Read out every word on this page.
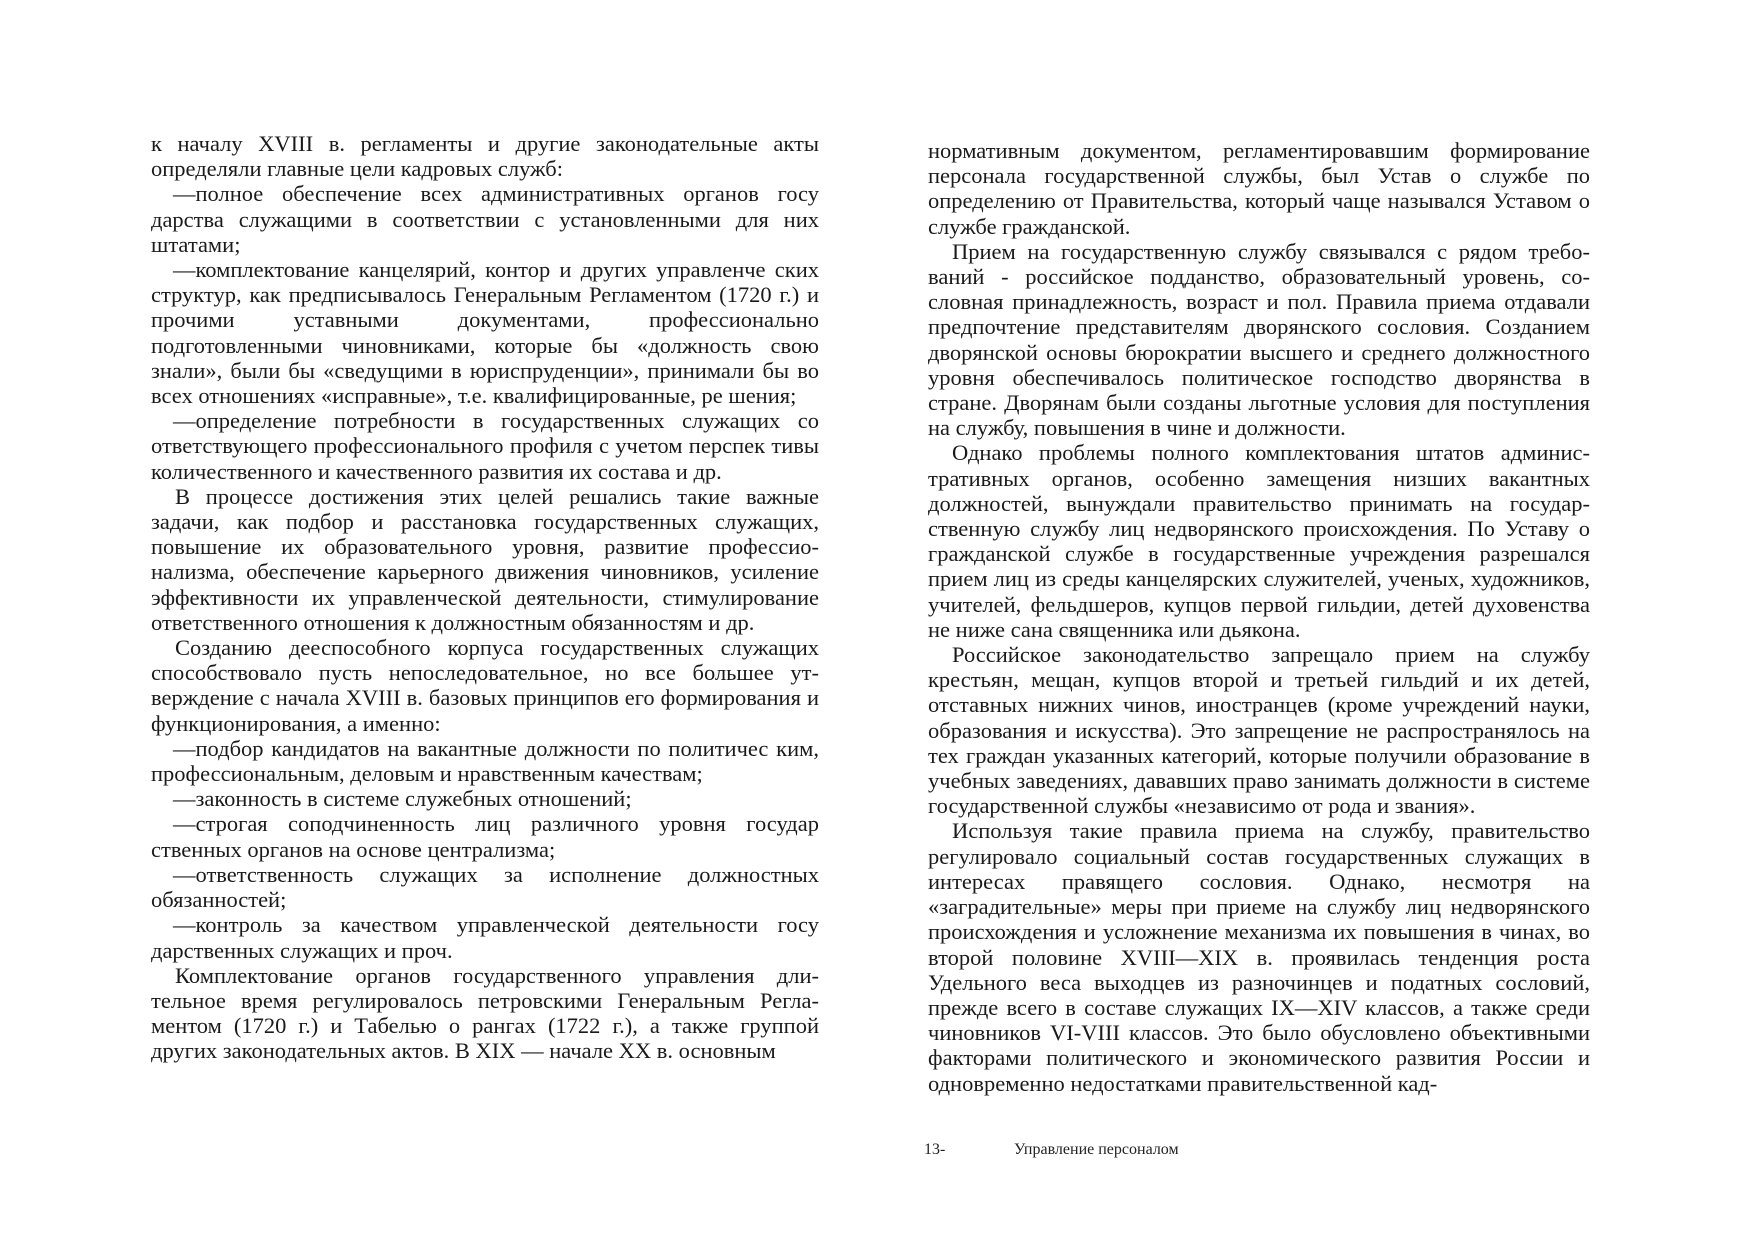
к началу XVIII в. регламенты и другие законодательные акты определяли главные цели кадровых служб:

—полное обеспечение всех административных органов госу дарства служащими в соответствии с установленными для них штатами;

—комплектование канцелярий, контор и других управленче ских структур, как предписывалось Генеральным Регламентом (1720 г.) и прочими уставными документами, профессионально подготовленными чиновниками, которые бы «должность свою знали», были бы «сведущими в юриспруденции», принимали бы во всех отношениях «исправные», т.е. квалифицированные, ре шения;

—определение потребности в государственных служащих со ответствующего профессионального профиля с учетом перспек тивы количественного и качественного развития их состава и др.

В процессе достижения этих целей решались такие важные задачи, как подбор и расстановка государственных служащих, повышение их образовательного уровня, развитие профессионализма, обеспечение карьерного движения чиновников, усиление эффективности их управленческой деятельности, стимулирование ответственного отношения к должностным обязанностям и др.

Созданию дееспособного корпуса государственных служащих способствовало пусть непоследовательное, но все большее утверждение с начала XVIII в. базовых принципов его формирования и функционирования, а именно:

—подбор кандидатов на вакантные должности по политичес ким, профессиональным, деловым и нравственным качествам;

—законность в системе служебных отношений;

—строгая соподчиненность лиц различного уровня государ ственных органов на основе централизма;

—ответственность служащих за исполнение должностных обязанностей;

—контроль за качеством управленческой деятельности госу дарственных служащих и проч.

Комплектование органов государственного управления длительное время регулировалось петровскими Генеральным Регламентом (1720 г.) и Табелью о рангах (1722 г.), а также группой других законодательных актов. В XIX — начале XX в. основным

нормативным документом, регламентировавшим формирование персонала государственной службы, был Устав о службе по определению от Правительства, который чаще назывался Уставом о службе гражданской.

Прием на государственную службу связывался с рядом требований - российское подданство, образовательный уровень, сословная принадлежность, возраст и пол. Правила приема отдавали предпочтение представителям дворянского сословия. Созданием дворянской основы бюрократии высшего и среднего должностного уровня обеспечивалось политическое господство дворянства в стране. Дворянам были созданы льготные условия для поступления на службу, повышения в чине и должности.

Однако проблемы полного комплектования штатов административных органов, особенно замещения низших вакантных должностей, вынуждали правительство принимать на государственную службу лиц недворянского происхождения. По Уставу о гражданской службе в государственные учреждения разрешался прием лиц из среды канцелярских служителей, ученых, художников, учителей, фельдшеров, купцов первой гильдии, детей духовенства не ниже сана священника или дьякона.

Российское законодательство запрещало прием на службу крестьян, мещан, купцов второй и третьей гильдий и их детей, отставных нижних чинов, иностранцев (кроме учреждений науки, образования и искусства). Это запрещение не распространялось на тех граждан указанных категорий, которые получили образование в учебных заведениях, дававших право занимать должности в системе государственной службы «независимо от рода и звания».

Используя такие правила приема на службу, правительство регулировало социальный состав государственных служащих в интересах правящего сословия. Однако, несмотря на «заградительные» меры при приеме на службу лиц недворянского происхождения и усложнение механизма их повышения в чинах, во второй половине XVIII—XIX в. проявилась тенденция роста Удельного веса выходцев из разночинцев и податных сословий, прежде всего в составе служащих IX—XIV классов, а также среди чиновников VI-VIII классов. Это было обусловлено объективными факторами политического и экономического развития России и одновременно недостатками правительственной кад-

13-	Управление персоналом
